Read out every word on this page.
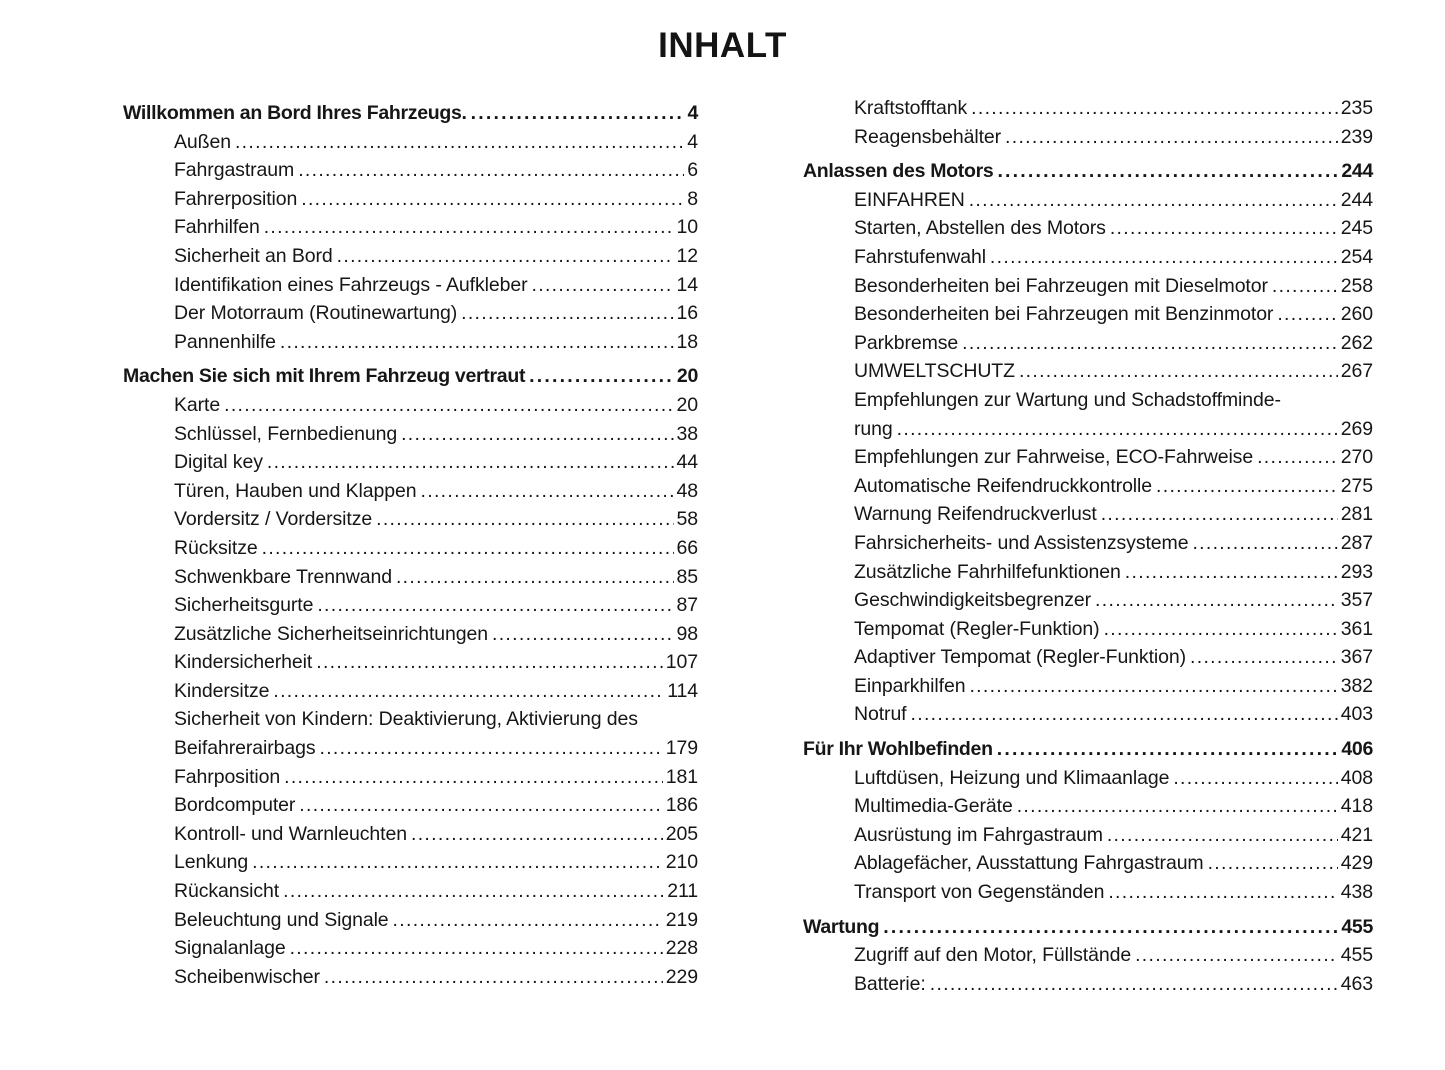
INHALT
Willkommen an Bord Ihres Fahrzeugs. .....	4
Außen .....	4
Fahrgastraum .....	6
Fahrerposition .....	8
Fahrhilfen .....	10
Sicherheit an Bord .....	12
Identifikation eines Fahrzeugs - Aufkleber .....	14
Der Motorraum (Routinewartung) .....	16
Pannenhilfe .....	18
Machen Sie sich mit Ihrem Fahrzeug vertraut .....	20
Karte .....	20
Schlüssel, Fernbedienung .....	38
Digital key .....	44
Türen, Hauben und Klappen .....	48
Vordersitz / Vordersitze .....	58
Rücksitze .....	66
Schwenkbare Trennwand .....	85
Sicherheitsgurte .....	87
Zusätzliche Sicherheitseinrichtungen .....	98
Kindersicherheit .....	107
Kindersitze .....	114
Sicherheit von Kindern: Deaktivierung, Aktivierung des
Beifahrerairbags .....	179
Fahrposition .....	181
Bordcomputer .....	186
Kontroll- und Warnleuchten .....	205
Lenkung .....	210
Rückansicht .....	211
Beleuchtung und Signale .....	219
Signalanlage .....	228
Scheibenwischer .....	229
Kraftstofftank .....	235
Reagensbehälter .....	239
Anlassen des Motors .....	244
EINFAHREN .....	244
Starten, Abstellen des Motors .....	245
Fahrstufenwahl .....	254
Besonderheiten bei Fahrzeugen mit Dieselmotor .....	258
Besonderheiten bei Fahrzeugen mit Benzinmotor .....	260
Parkbremse .....	262
UMWELTSCHUTZ .....	267
Empfehlungen zur Wartung und Schadstoffminde-
rung .....	269
Empfehlungen zur Fahrweise, ECO-Fahrweise .....	270
Automatische Reifendruckkontrolle .....	275
Warnung Reifendruckverlust .....	281
Fahrsicherheits- und Assistenzsysteme .....	287
Zusätzliche Fahrhilfefunktionen .....	293
Geschwindigkeitsbegrenzer .....	357
Tempomat (Regler-Funktion) .....	361
Adaptiver Tempomat (Regler-Funktion) .....	367
Einparkhilfen .....	382
Notruf .....	403
Für Ihr Wohlbefinden .....	406
Luftdüsen, Heizung und Klimaanlage .....	408
Multimedia-Geräte .....	418
Ausrüstung im Fahrgastraum .....	421
Ablagefächer, Ausstattung Fahrgastraum .....	429
Transport von Gegenständen .....	438
Wartung .....	455
Zugriff auf den Motor, Füllstände .....	455
Batterie: .....	463
